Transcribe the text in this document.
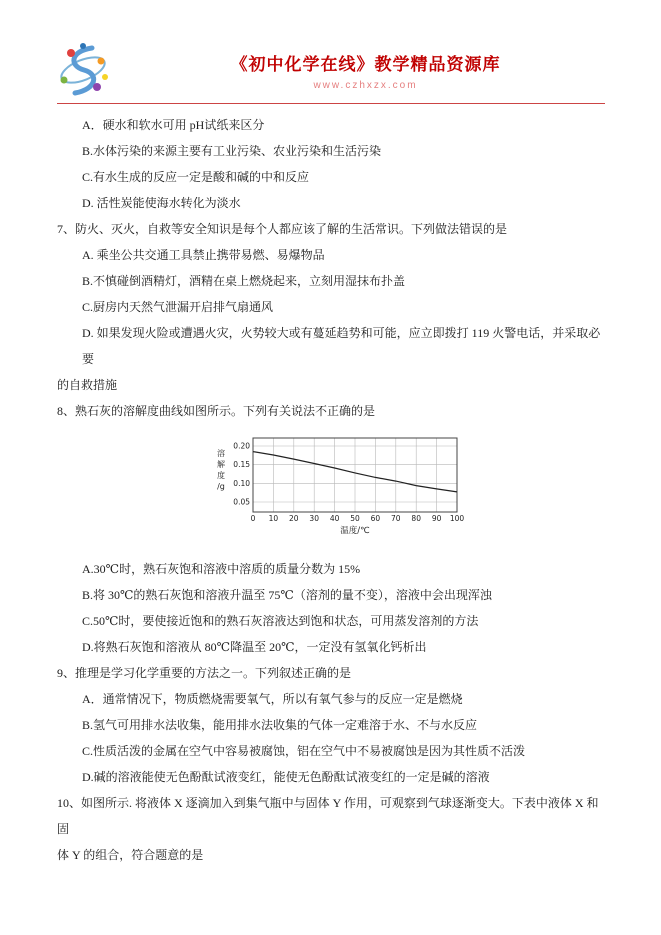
《初中化学在线》教学精品资源库
www.czhxzx.com

A．硬水和软水可用 pH试纸来区分

B.水体污染的来源主要有工业污染、农业污染和生活污染

C.有水生成的反应一定是酸和碱的中和反应

D. 活性炭能使海水转化为淡水

7、防火、灭火，自救等安全知识是每个人都应该了解的生活常识。下列做法错误的是

A. 乘坐公共交通工具禁止携带易燃、易爆物品

B.不慎碰倒酒精灯，酒精在桌上燃烧起来，立刻用湿抹布扑盖

C.厨房内天然气泄漏开启排气扇通风

D. 如果发现火险或遭遇火灾，火势较大或有蔓延趋势和可能，应立即拨打 119 火警电话，并采取必要

的自救措施

8、熟石灰的溶解度曲线如图所示。下列有关说法不正确的是

0.20
0.15
0.10
0.05
0 10 20 30 40 50 60 70 80 90 100
溶
解
度
/g
温度/℃

A.30℃时，熟石灰饱和溶液中溶质的质量分数为 15%

B.将 30℃的熟石灰饱和溶液升温至 75℃（溶剂的量不变），溶液中会出现浑浊

C.50℃时，要使接近饱和的熟石灰溶液达到饱和状态，可用蒸发溶剂的方法

D.将熟石灰饱和溶液从 80℃降温至 20℃，一定没有氢氧化钙析出

9、推理是学习化学重要的方法之一。下列叙述正确的是

A．通常情况下，物质燃烧需要氧气，所以有氧气参与的反应一定是燃烧

B.氢气可用排水法收集，能用排水法收集的气体一定难溶于水、不与水反应

C.性质活泼的金属在空气中容易被腐蚀，铝在空气中不易被腐蚀是因为其性质不活泼

D.碱的溶液能使无色酚酞试液变红，能使无色酚酞试液变红的一定是碱的溶液

10、如图所示. 将液体 X 逐滴加入到集气瓶中与固体 Y 作用，可观察到气球逐渐变大。下表中液体 X 和固

体 Y 的组合，符合题意的是
